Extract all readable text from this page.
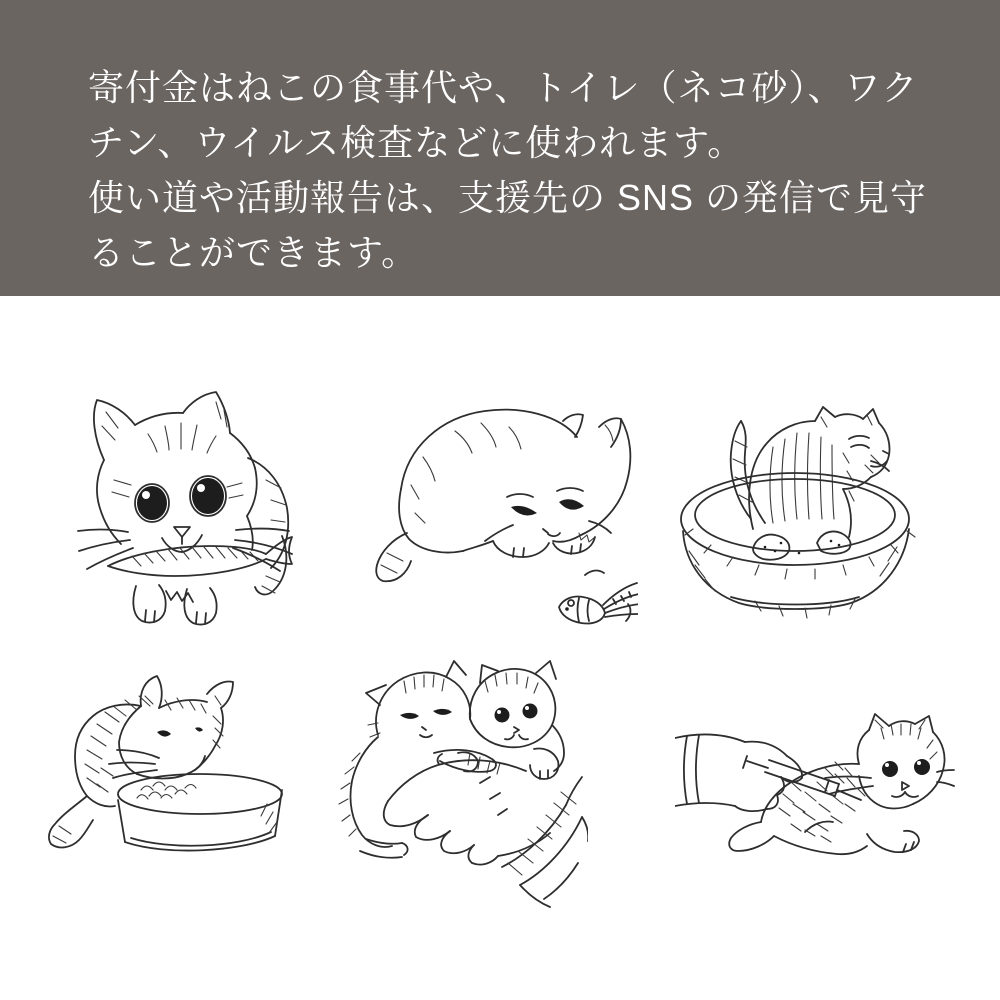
寄付金はねこの食事代や、トイレ（ネコ砂）、ワク
チン、ウイルス検査などに使われます。
使い道や活動報告は、支援先の SNS の発信で見守
ることができます。
